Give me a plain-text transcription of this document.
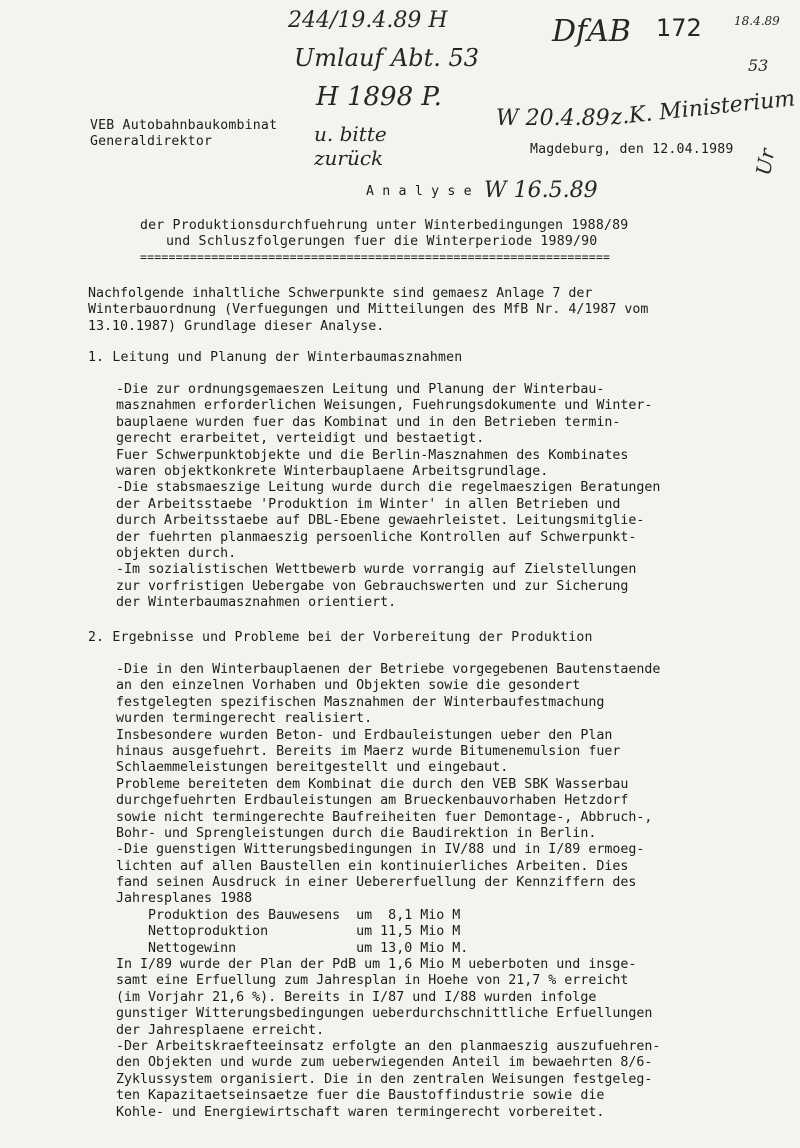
244/19.4.89 H
Umlauf Abt. 53
H 1898 P.
DfAB 172	18.4.89
53
W 20.4.89 z.K. Ministerium
u. bitte zurück
W 16.5.89
Ur
VEB Autobahnbaukombinat
Generaldirektor
Magdeburg, den 12.04.1989
A n a l y s e
der Produktionsdurchfuehrung unter Winterbedingungen 1988/89
und Schluszfolgerungen fuer die Winterperiode 1989/90
==================================================================
Nachfolgende inhaltliche Schwerpunkte sind gemaesz Anlage 7 der
Winterbauordnung (Verfuegungen und Mitteilungen des MfB Nr. 4/1987 vom
13.10.1987) Grundlage dieser Analyse.
1. Leitung und Planung der Winterbaumasznahmen
-Die zur ordnungsgemaeszen Leitung und Planung der Winterbau-
masznahmen erforderlichen Weisungen, Fuehrungsdokumente und Winter-
bauplaene wurden fuer das Kombinat und in den Betrieben termin-
gerecht erarbeitet, verteidigt und bestaetigt.
Fuer Schwerpunktobjekte und die Berlin-Masznahmen des Kombinates
waren objektkonkrete Winterbauplaene Arbeitsgrundlage.
-Die stabsmaeszige Leitung wurde durch die regelmaeszigen Beratungen
der Arbeitsstaebe 'Produktion im Winter' in allen Betrieben und
durch Arbeitsstaebe auf DBL-Ebene gewaehrleistet. Leitungsmitglie-
der fuehrten planmaeszig persoenliche Kontrollen auf Schwerpunkt-
objekten durch.
-Im sozialistischen Wettbewerb wurde vorrangig auf Zielstellungen
zur vorfristigen Uebergabe von Gebrauchswerten und zur Sicherung
der Winterbaumasznahmen orientiert.
2. Ergebnisse und Probleme bei der Vorbereitung der Produktion
-Die in den Winterbauplaenen der Betriebe vorgegebenen Bautenstaende
an den einzelnen Vorhaben und Objekten sowie die gesondert
festgelegten spezifischen Masznahmen der Winterbaufestmachung
wurden termingerecht realisiert.
Insbesondere wurden Beton- und Erdbauleistungen ueber den Plan
hinaus ausgefuehrt. Bereits im Maerz wurde Bitumenemulsion fuer
Schlaemmeleistungen bereitgestellt und eingebaut.
Probleme bereiteten dem Kombinat die durch den VEB SBK Wasserbau
durchgefuehrten Erdbauleistungen am Brueckenbauvorhaben Hetzdorf
sowie nicht termingerechte Baufreiheiten fuer Demontage-, Abbruch-,
Bohr- und Sprengleistungen durch die Baudirektion in Berlin.
-Die guenstigen Witterungsbedingungen in IV/88 und in I/89 ermoeg-
lichten auf allen Baustellen ein kontinuierliches Arbeiten. Dies
fand seinen Ausdruck in einer Uebererfuellung der Kennziffern des
Jahresplanes 1988
Produktion des Bauwesens  um  8,1 Mio M
Nettoproduktion           um 11,5 Mio M
Nettogewinn               um 13,0 Mio M.
In I/89 wurde der Plan der PdB um 1,6 Mio M ueberboten und insge-
samt eine Erfuellung zum Jahresplan in Hoehe von 21,7 % erreicht
(im Vorjahr 21,6 %). Bereits in I/87 und I/88 wurden infolge
gunstiger Witterungsbedingungen ueberdurchschnittliche Erfuellungen
der Jahresplaene erreicht.
-Der Arbeitskraefteeinsatz erfolgte an den planmaeszig auszufuehren-
den Objekten und wurde zum ueberwiegenden Anteil im bewaehrten 8/6-
Zyklussystem organisiert. Die in den zentralen Weisungen festgeleg-
ten Kapazitaetseinsaetze fuer die Baustoffindustrie sowie die
Kohle- und Energiewirtschaft waren termingerecht vorbereitet.
